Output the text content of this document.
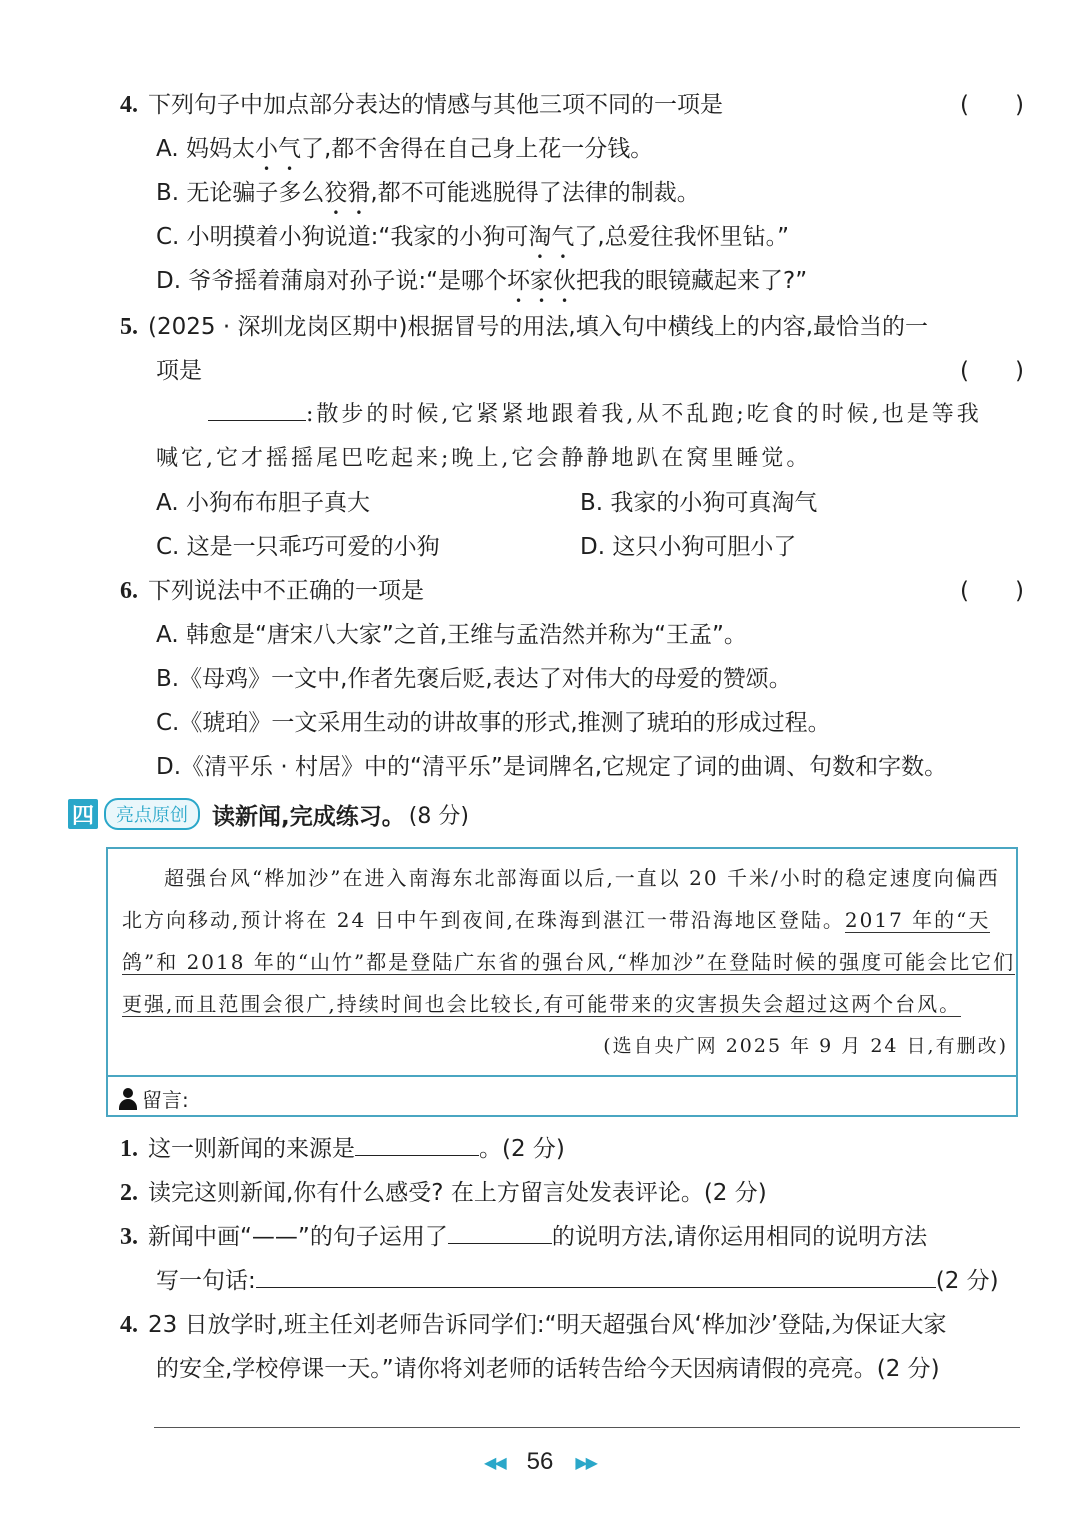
4. 下列句子中加点部分表达的情感与其他三项不同的一项是	(　　)
A. 妈妈太小气了,都不舍得在自己身上花一分钱。
B. 无论骗子多么狡猾,都不可能逃脱得了法律的制裁。
C. 小明摸着小狗说道:“我家的小狗可淘气了,总爱往我怀里钻。”
D. 爷爷摇着蒲扇对孙子说:“是哪个坏家伙把我的眼镜藏起来了?”
5. (2025 · 深圳龙岗区期中)根据冒号的用法,填入句中横线上的内容,最恰当的一
项是	(　　)
:散步的时候,它紧紧地跟着我,从不乱跑;吃食的时候,也是等我
喊它,它才摇摇尾巴吃起来;晚上,它会静静地趴在窝里睡觉。
A. 小狗布布胆子真大	B. 我家的小狗可真淘气
C. 这是一只乖巧可爱的小狗	D. 这只小狗可胆小了
6. 下列说法中不正确的一项是	(　　)
A. 韩愈是“唐宋八大家”之首,王维与孟浩然并称为“王孟”。
B.《母鸡》一文中,作者先褒后贬,表达了对伟大的母爱的赞颂。
C.《琥珀》一文采用生动的讲故事的形式,推测了琥珀的形成过程。
D.《清平乐 · 村居》中的“清平乐”是词牌名,它规定了词的曲调、句数和字数。
四	亮点原创	读新闻,完成练习。 (8 分)
超强台风“桦加沙”在进入南海东北部海面以后,一直以 20 千米/小时的稳定速度向偏西
北方向移动,预计将在 24 日中午到夜间,在珠海到湛江一带沿海地区登陆。2017 年的“天
鸽”和 2018 年的“山竹”都是登陆广东省的强台风,“桦加沙”在登陆时候的强度可能会比它们
更强,而且范围会很广,持续时间也会比较长,有可能带来的灾害损失会超过这两个台风。
(选自央广网 2025 年 9 月 24 日,有删改)
留言:
1. 这一则新闻的来源是	。(2 分)
2. 读完这则新闻,你有什么感受? 在上方留言处发表评论。(2 分)
3. 新闻中画“——”的句子运用了	的说明方法,请你运用相同的说明方法
写一句话:	(2 分)
4. 23 日放学时,班主任刘老师告诉同学们:“明天超强台风‘桦加沙’登陆,为保证大家
的安全,学校停课一天。”请你将刘老师的话转告给今天因病请假的亮亮。(2 分)
◀◀ 56 ▶▶
